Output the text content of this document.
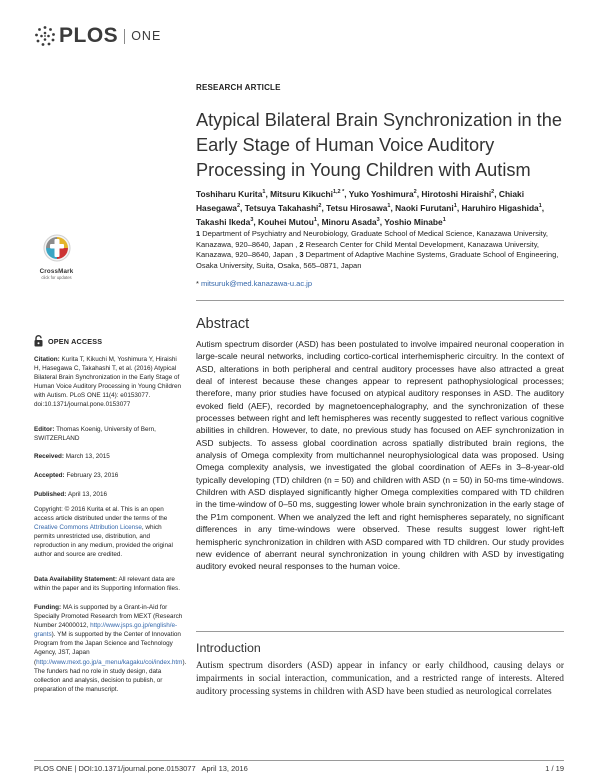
PLOS ONE
RESEARCH ARTICLE
Atypical Bilateral Brain Synchronization in the Early Stage of Human Voice Auditory Processing in Young Children with Autism
Toshiharu Kurita$^1$, Mitsuru Kikuchi$^{1,2 *}$, Yuko Yoshimura$^2$, Hirotoshi Hiraishi$^2$, Chiaki Hasegawa$^2$, Tetsuya Takahashi$^2$, Tetsu Hirosawa$^1$, Naoki Furutani$^1$, Haruhiro Higashida$^1$, Takashi Ikeda$^3$, Kouhei Mutou$^1$, Minoru Asada$^3$, Yoshio Minabe$^1$
1 Department of Psychiatry and Neurobiology, Graduate School of Medical Science, Kanazawa University, Kanazawa, 920–8640, Japan , 2 Research Center for Child Mental Development, Kanazawa University, Kanazawa, 920–8640, Japan , 3 Department of Adaptive Machine Systems, Graduate School of Engineering, Osaka University, Suita, Osaka, 565–0871, Japan
* mitsuruk@med.kanazawa-u.ac.jp
Abstract
Autism spectrum disorder (ASD) has been postulated to involve impaired neuronal cooperation in large-scale neural networks, including cortico-cortical interhemispheric circuitry. In the context of ASD, alterations in both peripheral and central auditory processes have also attracted a great deal of interest because these changes appear to represent pathophysiological processes; therefore, many prior studies have focused on atypical auditory responses in ASD. The auditory evoked field (AEF), recorded by magnetoencephalography, and the synchronization of these processes between right and left hemispheres was recently suggested to reflect various cognitive abilities in children. However, to date, no previous study has focused on AEF synchronization in ASD subjects. To assess global coordination across spatially distributed brain regions, the analysis of Omega complexity from multichannel neurophysiological data was proposed. Using Omega complexity analysis, we investigated the global coordination of AEFs in 3–8-year-old typically developing (TD) children (n = 50) and children with ASD (n = 50) in 50-ms time-windows. Children with ASD displayed significantly higher Omega complexities compared with TD children in the time-window of 0–50 ms, suggesting lower whole brain synchronization in the early stage of the P1m component. When we analyzed the left and right hemispheres separately, no significant differences in any time-windows were observed. These results suggest lower right-left hemispheric synchronization in children with ASD compared with TD children. Our study provides new evidence of aberrant neural synchronization in young children with ASD by investigating auditory evoked neural responses to the human voice.
Introduction
Autism spectrum disorders (ASD) appear in infancy or early childhood, causing delays or impairments in social interaction, communication, and a restricted range of interests. Altered auditory processing systems in children with ASD have been studied as neurological correlates
CrossMark
click for updates
OPEN ACCESS
Citation: Kurita T, Kikuchi M, Yoshimura Y, Hiraishi H, Hasegawa C, Takahashi T, et al. (2016) Atypical Bilateral Brain Synchronization in the Early Stage of Human Voice Auditory Processing in Young Children with Autism. PLoS ONE 11(4): e0153077. doi:10.1371/journal.pone.0153077
Editor: Thomas Koenig, University of Bern, SWITZERLAND
Received: March 13, 2015
Accepted: February 23, 2016
Published: April 13, 2016
Copyright: © 2016 Kurita et al. This is an open access article distributed under the terms of the Creative Commons Attribution License, which permits unrestricted use, distribution, and reproduction in any medium, provided the original author and source are credited.
Data Availability Statement: All relevant data are within the paper and its Supporting Information files.
Funding: MA is supported by a Grant-in-Aid for Specially Promoted Research from MEXT (Research Number 24000012, http://www.jsps.go.jp/english/e-grants). YM is supported by the Center of Innovation Program from the Japan Science and Technology Agency, JST, Japan (http://www.mext.go.jp/a_menu/kagaku/coi/index.htm). The funders had no role in study design, data collection and analysis, decision to publish, or preparation of the manuscript.
PLOS ONE | DOI:10.1371/journal.pone.0153077   April 13, 2016	1 / 19
